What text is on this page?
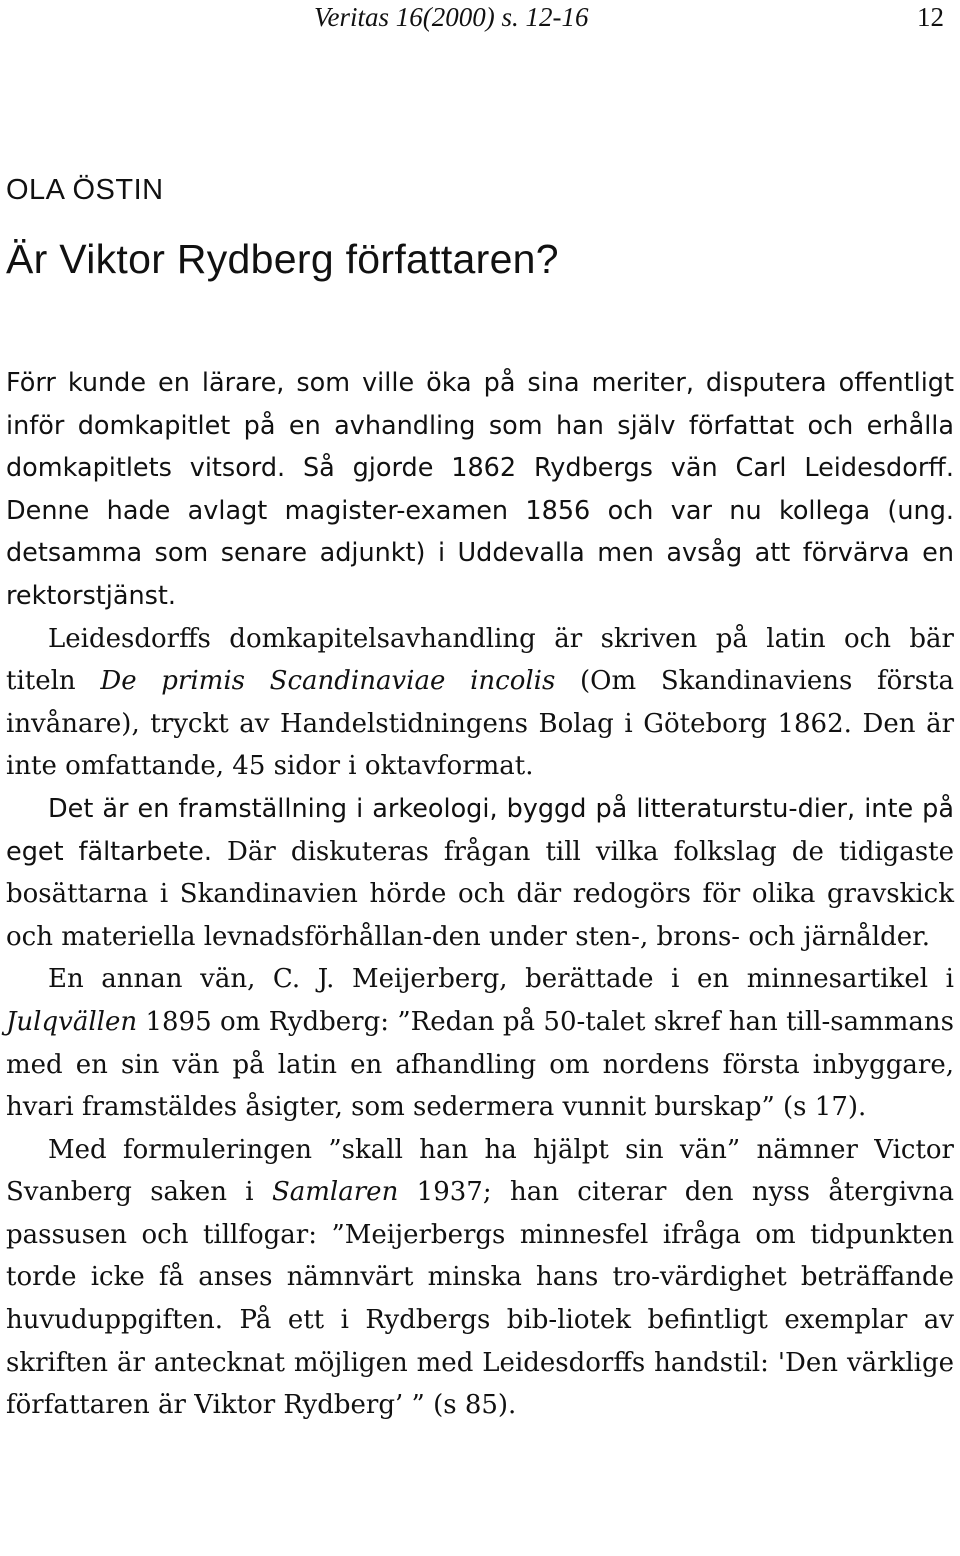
Veritas 16(2000) s. 12-16	12
OLA ÖSTIN
Är Viktor Rydberg författaren?

Förr kunde en lärare, som ville öka på sina meriter, disputera offentligt inför domkapitlet på en avhandling som han själv författat och erhålla domkapitlets vitsord. Så gjorde 1862 Rydbergs vän Carl Leidesdorff. Denne hade avlagt magister-examen 1856 och var nu kollega (ung. detsamma som senare adjunkt) i Uddevalla men avsåg att förvärva en rektorstjänst.

Leidesdorffs domkapitelsavhandling är skriven på latin och bär titeln De primis Scandinaviae incolis (Om Skandinaviens första invånare), tryckt av Handelstidningens Bolag i Göteborg 1862. Den är inte omfattande, 45 sidor i oktavformat.

Det är en framställning i arkeologi, byggd på litteraturstu-dier, inte på eget fältarbete. Där diskuteras frågan till vilka folkslag de tidigaste bosättarna i Skandinavien hörde och där redogörs för olika gravskick och materiella levnadsförhållan-den under sten-, brons- och järnålder.

En annan vän, C. J. Meijerberg, berättade i en minnesartikel i Julqvällen 1895 om Rydberg: ”Redan på 50-talet skref han till-sammans med en sin vän på latin en afhandling om nordens första inbyggare, hvari framstäldes åsigter, som sedermera vunnit burskap” (s 17).

Med formuleringen ”skall han ha hjälpt sin vän” nämner Victor Svanberg saken i Samlaren 1937; han citerar den nyss återgivna passusen och tillfogar: ”Meijerbergs minnesfel ifråga om tidpunkten torde icke få anses nämnvärt minska hans tro-värdighet beträffande huvuduppgiften. På ett i Rydbergs bib-liotek befintligt exemplar av skriften är antecknat möjligen med Leidesdorffs handstil: 'Den värklige författaren är Viktor Rydberg’ ” (s 85).
